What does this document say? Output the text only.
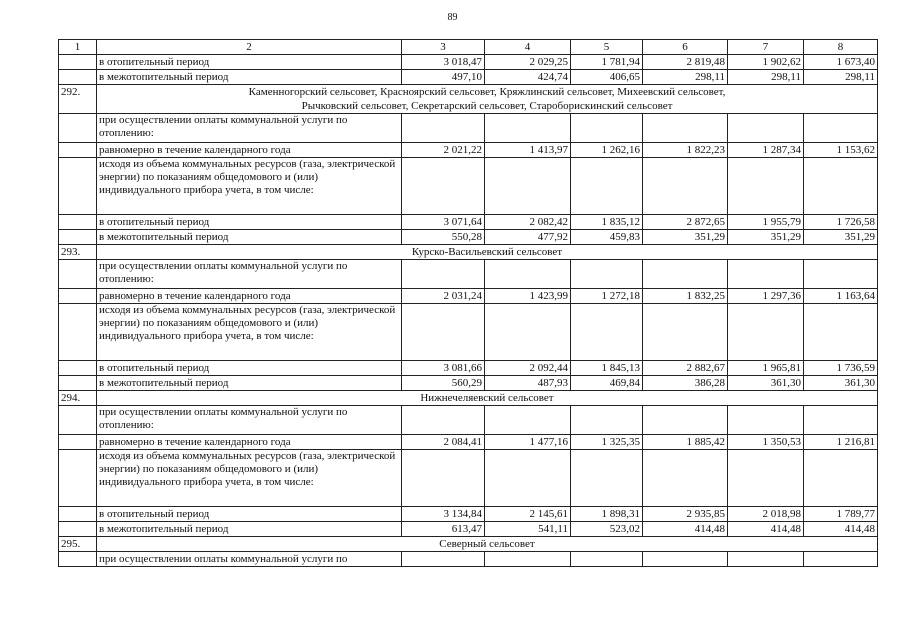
89
1	2	3	4	5	6	7	8
	в отопительный период	3 018,47	2 029,25	1 781,94	2 819,48	1 902,62	1 673,40
	в межотопительный период	497,10	424,74	406,65	298,11	298,11	298,11
292.	Каменногорский сельсовет, Красноярский сельсовет, Кряжлинский сельсовет, Михеевский сельсовет,
Рычковский сельсовет, Секретарский сельсовет, Староборискинский сельсовет						

	при осуществлении оплаты коммунальной услуги по отоплению:						
	равномерно в течение календарного года	2 021,22	1 413,97	1 262,16	1 822,23	1 287,34	1 153,62
	исходя из объема коммунальных ресурсов (газа, электрической энергии) по показаниям общедомового и (или) индивидуального прибора учета, в том числе:						
	в отопительный период	3 071,64	2 082,42	1 835,12	2 872,65	1 955,79	1 726,58
	в межотопительный период	550,28	477,92	459,83	351,29	351,29	351,29
293.	Курско-Васильевский сельсовет						
	при осуществлении оплаты коммунальной услуги по отоплению:						
	равномерно в течение календарного года	2 031,24	1 423,99	1 272,18	1 832,25	1 297,36	1 163,64
	исходя из объема коммунальных ресурсов (газа, электрической энергии) по показаниям общедомового и (или) индивидуального прибора учета, в том числе:						
	в отопительный период	3 081,66	2 092,44	1 845,13	2 882,67	1 965,81	1 736,59
	в межотопительный период	560,29	487,93	469,84	386,28	361,30	361,30
294.	Нижнечеляевский сельсовет						
	при осуществлении оплаты коммунальной услуги по отоплению:						
	равномерно в течение календарного года	2 084,41	1 477,16	1 325,35	1 885,42	1 350,53	1 216,81
	исходя из объема коммунальных ресурсов (газа, электрической энергии) по показаниям общедомового и (или) индивидуального прибора учета, в том числе:						
	в отопительный период	3 134,84	2 145,61	1 898,31	2 935,85	2 018,98	1 789,77
	в межотопительный период	613,47	541,11	523,02	414,48	414,48	414,48
295.	Северный сельсовет						
	при осуществлении оплаты коммунальной услуги по						
